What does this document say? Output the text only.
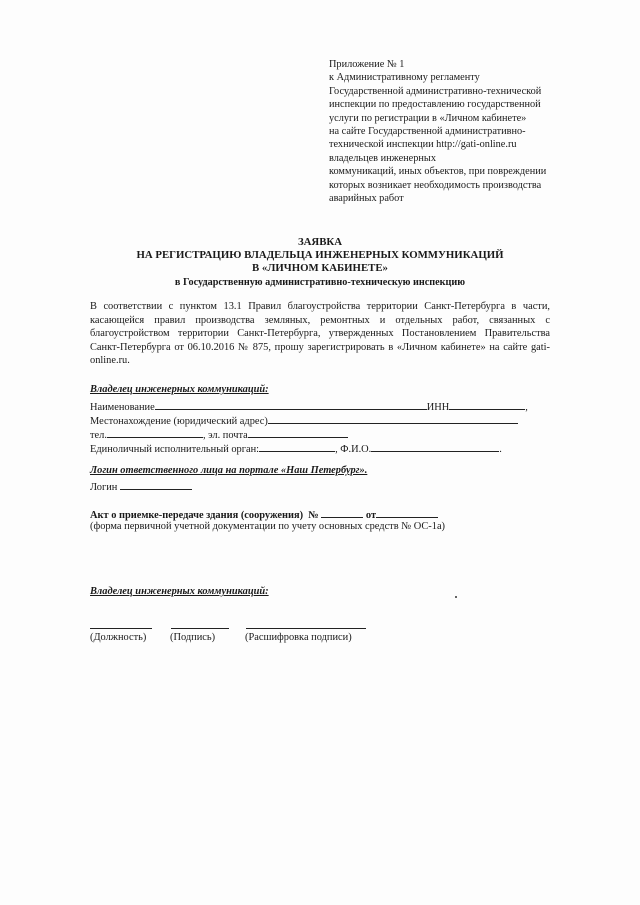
Приложение № 1
к Административному регламенту
Государственной административно-технической
инспекции по предоставлению государственной
услуги по регистрации в «Личном кабинете»
на сайте Государственной административно-
технической инспекции http://gati-online.ru
владельцев инженерных
коммуникаций, иных объектов, при повреждении
которых возникает необходимость производства
аварийных работ
ЗАЯВКА
НА РЕГИСТРАЦИЮ ВЛАДЕЛЬЦА ИНЖЕНЕРНЫХ КОММУНИКАЦИЙ
В «ЛИЧНОМ КАБИНЕТЕ»
в Государственную административно-техническую инспекцию
В соответствии с пунктом 13.1 Правил благоустройства территории Санкт-Петербурга в части, касающейся правил производства земляных, ремонтных и отдельных работ, связанных с благоустройством территории Санкт-Петербурга, утвержденных Постановлением Правительства Санкт-Петербурга от 06.10.2016 № 875, прошу зарегистрировать в «Личном кабинете» на сайте gati-online.ru.
Владелец инженерных коммуникаций:
Наименование	ИНН	,
Местонахождение (юридический адрес)
тел.	, эл. почта
Единоличный исполнительный орган:	, Ф.И.О.	.
Логин ответственного лица на портале «Наш Петербург».
Логин
Акт о приемке-передаче здания (сооружения) №	от
(форма первичной учетной документации по учету основных средств № ОС-1а)
Владелец инженерных коммуникаций:
(Должность) (Подпись)	(Расшифровка подписи)
